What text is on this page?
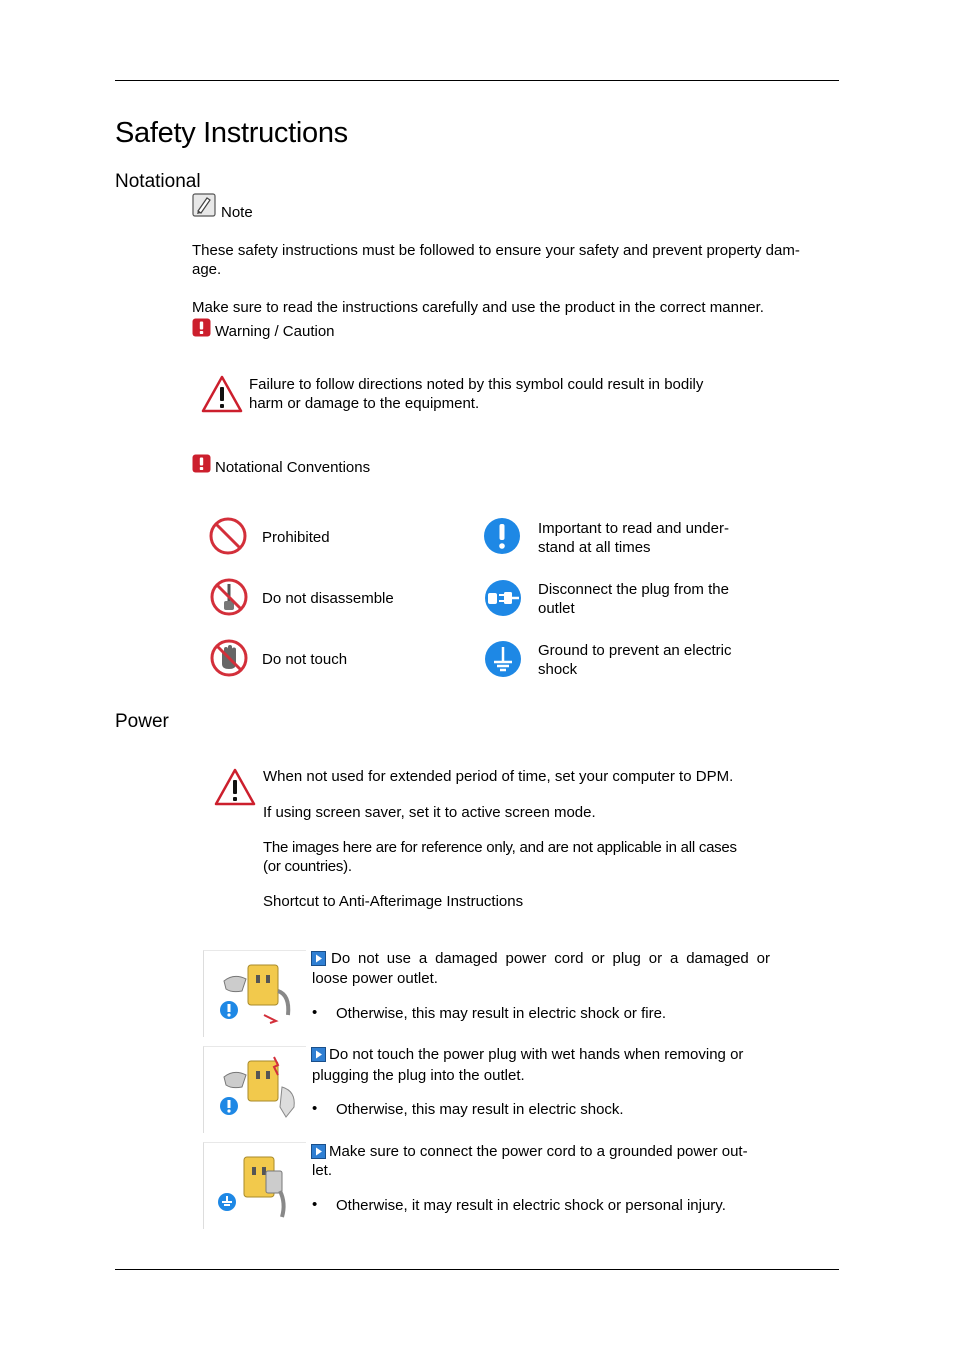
Safety Instructions
Notational
Note
These safety instructions must be followed to ensure your safety and prevent property dam-
age.
Make sure to read the instructions carefully and use the product in the correct manner.
Warning / Caution
Failure to follow directions noted by this symbol could result in bodily
harm or damage to the equipment.
Notational Conventions
Prohibited
Important to read and under-
stand at all times
Do not disassemble
Disconnect the plug from the
outlet
Do not touch
Ground to prevent an electric
shock
Power
When not used for extended period of time, set your computer to DPM.
If using screen saver, set it to active screen mode.
The images here are for reference only, and are not applicable in all cases
(or countries).
Shortcut to Anti-Afterimage Instructions
Do not use a damaged power cord or plug or a damaged or
loose power outlet.
• Otherwise, this may result in electric shock or fire.
Do not touch the power plug with wet hands when removing or
plugging the plug into the outlet.
• Otherwise, this may result in electric shock.
Make sure to connect the power cord to a grounded power out-
let.
• Otherwise, it may result in electric shock or personal injury.
